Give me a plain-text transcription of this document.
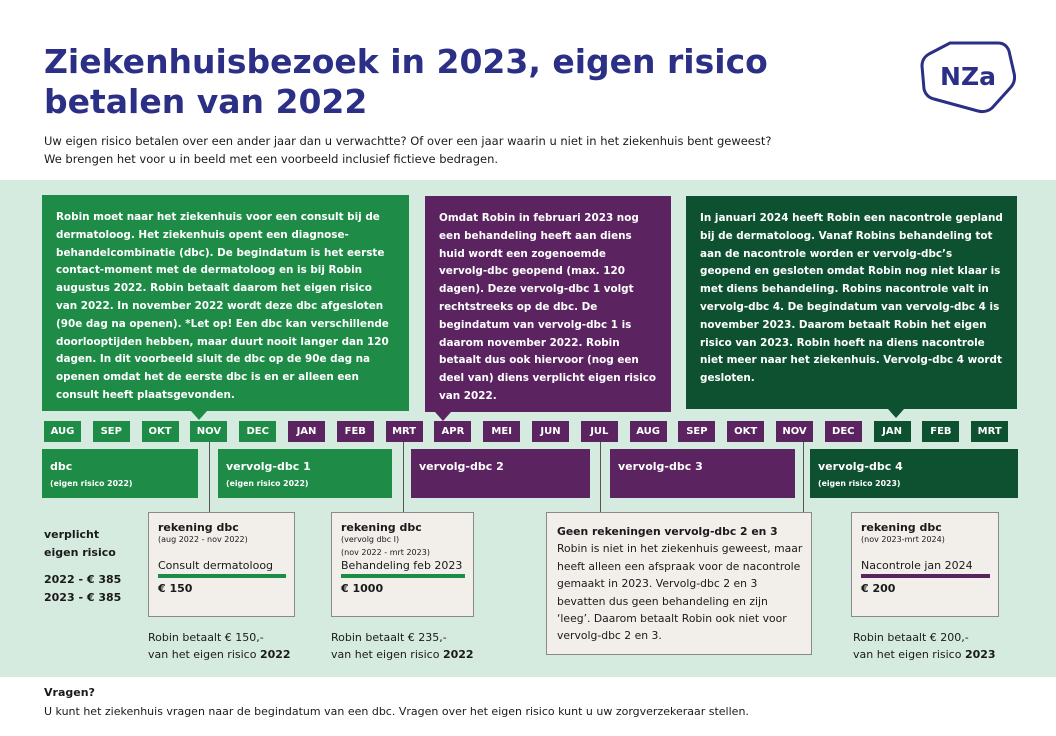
Ziekenhuisbezoek in 2023, eigen risico betalen van 2022
Uw eigen risico betalen over een ander jaar dan u verwachtte? Of over een jaar waarin u niet in het ziekenhuis bent geweest?
We brengen het voor u in beeld met een voorbeeld inclusief fictieve bedragen.
NZa
Robin moet naar het ziekenhuis voor een consult bij de dermatoloog. Het ziekenhuis opent een diagnose-behandelcombinatie (dbc). De begindatum is het eerste contact-moment met de dermatoloog en is bij Robin augustus 2022. Robin betaalt daarom het eigen risico van 2022. In november 2022 wordt deze dbc afgesloten (90e dag na openen). *Let op! Een dbc kan verschillende doorlooptijden hebben, maar duurt nooit langer dan 120 dagen. In dit voorbeeld sluit de dbc op de 90e dag na openen omdat het de eerste dbc is en er alleen een consult heeft plaatsgevonden.
Omdat Robin in februari 2023 nog een behandeling heeft aan diens huid wordt een zogenoemde vervolg-dbc geopend (max. 120 dagen). Deze vervolg-dbc 1 volgt rechtstreeks op de dbc. De begindatum van vervolg-dbc 1 is daarom november 2022. Robin betaalt dus ook hiervoor (nog een deel van) diens verplicht eigen risico van 2022.
In januari 2024 heeft Robin een nacontrole gepland bij de dermatoloog. Vanaf Robins behandeling tot aan de nacontrole worden er vervolg-dbc’s geopend en gesloten omdat Robin nog niet klaar is met diens behandeling. Robins nacontrole valt in vervolg-dbc 4. De begindatum van vervolg-dbc 4 is november 2023. Daarom betaalt Robin het eigen risico van 2023. Robin hoeft na diens nacontrole niet meer naar het ziekenhuis. Vervolg-dbc 4 wordt gesloten.
AUG	SEP	OKT	NOV	DEC	JAN	FEB	MRT	APR	MEI	JUN	JUL	AUG	SEP	OKT	NOV	DEC	JAN	FEB	MRT
dbc
(eigen risico 2022)
vervolg-dbc 1
(eigen risico 2022)
vervolg-dbc 2	vervolg-dbc 3	vervolg-dbc 4
(eigen risico 2023)
verplicht
eigen risico
2022 - € 385
2023 - € 385
rekening dbc
(aug 2022 - nov 2022)
Consult dermatoloog
€ 150
rekening dbc
(vervolg dbc I)
(nov 2022 - mrt 2023)
Behandeling feb 2023
€ 1000
Geen rekeningen vervolg-dbc 2 en 3
Robin is niet in het ziekenhuis geweest, maar heeft alleen een afspraak voor de nacontrole gemaakt in 2023. Vervolg-dbc 2 en 3 bevatten dus geen behandeling en zijn ‘leeg’. Daarom betaalt Robin ook niet voor vervolg-dbc 2 en 3.
rekening dbc
(nov 2023-mrt 2024)
Nacontrole jan 2024
€ 200
Robin betaalt € 150,-
van het eigen risico 2022
Robin betaalt € 235,-
van het eigen risico 2022
Robin betaalt € 200,-
van het eigen risico 2023
Vragen?
U kunt het ziekenhuis vragen naar de begindatum van een dbc. Vragen over het eigen risico kunt u uw zorgverzekeraar stellen.
